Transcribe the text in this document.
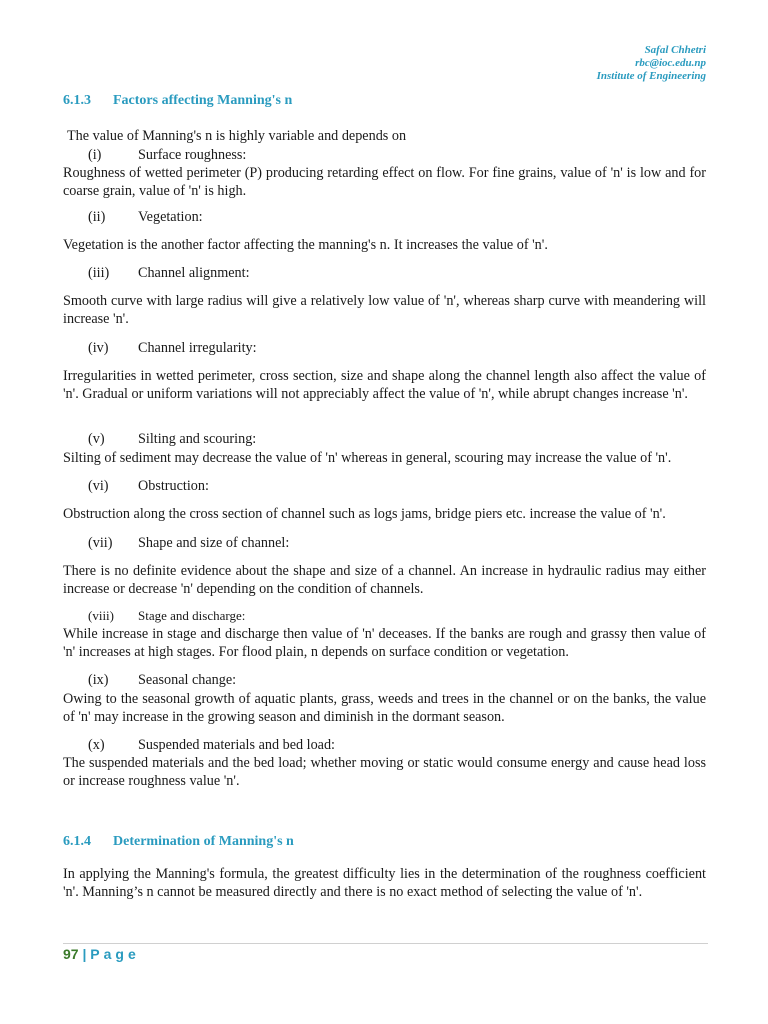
Safal Chhetri
rbc@ioc.edu.np
Institute of Engineering
6.1.3 Factors affecting Manning's n
The value of Manning's n is highly variable and depends on
(i)	Surface roughness:
Roughness of wetted perimeter (P) producing retarding effect on flow. For fine grains, value of 'n' is low and for coarse grain, value of 'n' is high.
(ii) Vegetation:
Vegetation is the another factor affecting the manning's n. It increases the value of 'n'.
(iii) Channel alignment:
Smooth curve with large radius will give a relatively low value of 'n', whereas sharp curve with meandering will increase 'n'.
(iv) Channel irregularity:
Irregularities in wetted perimeter, cross section, size and shape along the channel length also affect the value of 'n'. Gradual or uniform variations will not appreciably affect the value of 'n', while abrupt changes increase 'n'.
(v) Silting and scouring:
Silting of sediment may decrease the value of 'n' whereas in general, scouring may increase the value of 'n'.
(vi) Obstruction:
Obstruction along the cross section of channel such as logs jams, bridge piers etc. increase the value of 'n'.
(vii) Shape and size of channel:
There is no definite evidence about the shape and size of a channel. An increase in hydraulic radius may either increase or decrease 'n' depending on the condition of channels.
(viii) Stage and discharge:
While increase in stage and discharge then value of 'n' deceases. If the banks are rough and grassy then value of 'n' increases at high stages. For flood plain, n depends on surface condition or vegetation.
(ix) Seasonal change:
Owing to the seasonal growth of aquatic plants, grass, weeds and trees in the channel or on the banks, the value of 'n' may increase in the growing season and diminish in the dormant season.
(x) Suspended materials and bed load:
The suspended materials and the bed load; whether moving or static would consume energy and cause head loss or increase roughness value 'n'.
6.1.4 Determination of Manning's n
In applying the Manning's formula, the greatest difficulty lies in the determination of the roughness coefficient 'n'. Manning’s n cannot be measured directly and there is no exact method of selecting the value of 'n'.
97 | Page
